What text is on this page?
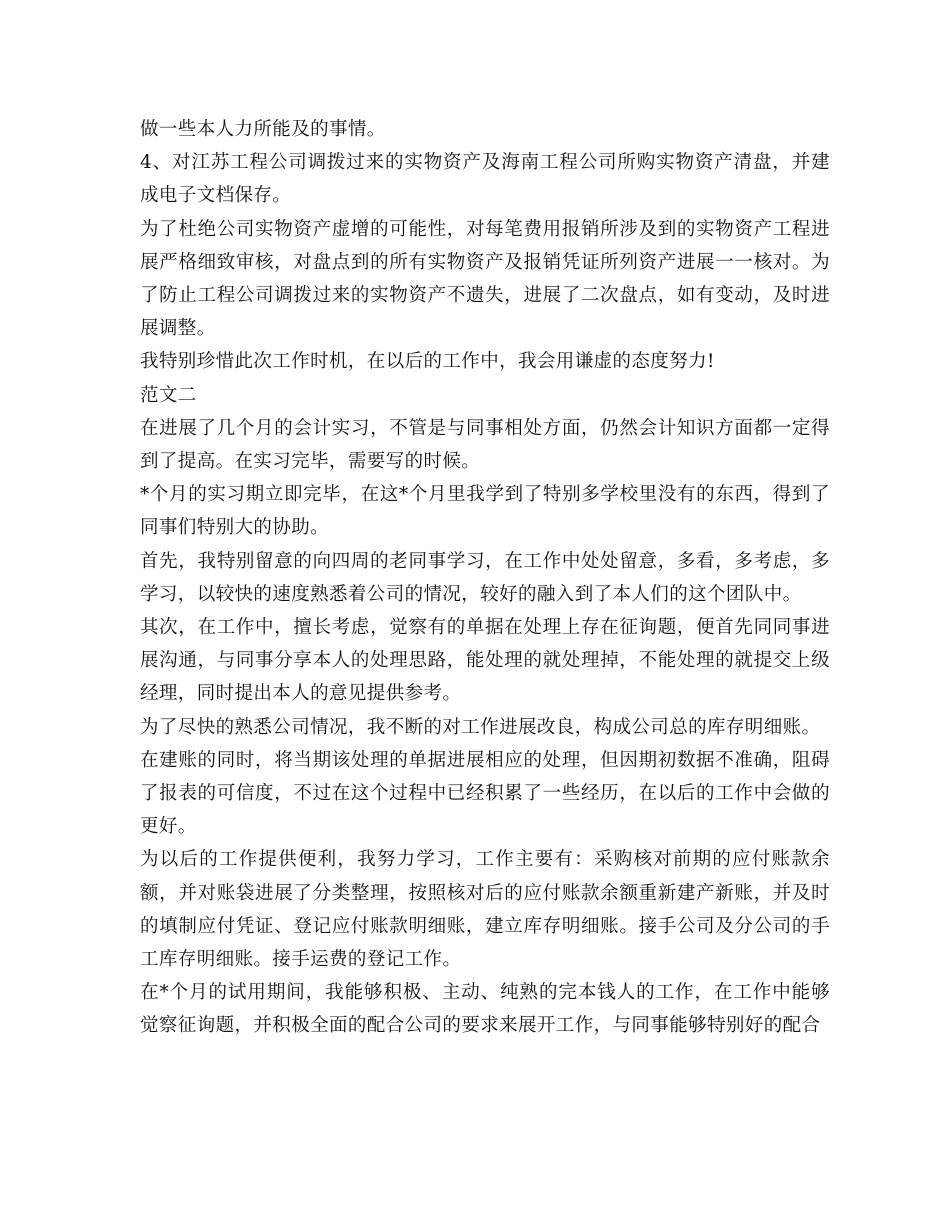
做一些本人力所能及的事情。

4、对江苏工程公司调拨过来的实物资产及海南工程公司所购实物资产清盘，并建成电子文档保存。

为了杜绝公司实物资产虚增的可能性，对每笔费用报销所涉及到的实物资产工程进展严格细致审核，对盘点到的所有实物资产及报销凭证所列资产进展一一核对。为了防止工程公司调拨过来的实物资产不遗失，进展了二次盘点，如有变动，及时进展调整。

我特别珍惜此次工作时机，在以后的工作中，我会用谦虚的态度努力!

范文二

在进展了几个月的会计实习，不管是与同事相处方面，仍然会计知识方面都一定得到了提高。在实习完毕，需要写的时候。

*个月的实习期立即完毕，在这*个月里我学到了特别多学校里没有的东西，得到了同事们特别大的协助。

首先，我特别留意的向四周的老同事学习，在工作中处处留意，多看，多考虑，多学习，以较快的速度熟悉着公司的情况，较好的融入到了本人们的这个团队中。

其次，在工作中，擅长考虑，觉察有的单据在处理上存在征询题，便首先同同事进展沟通，与同事分享本人的处理思路，能处理的就处理掉，不能处理的就提交上级经理，同时提出本人的意见提供参考。

为了尽快的熟悉公司情况，我不断的对工作进展改良，构成公司总的库存明细账。

在建账的同时，将当期该处理的单据进展相应的处理，但因期初数据不准确，阻碍了报表的可信度，不过在这个过程中已经积累了一些经历，在以后的工作中会做的更好。

为以后的工作提供便利，我努力学习，工作主要有：采购核对前期的应付账款余额，并对账袋进展了分类整理，按照核对后的应付账款余额重新建产新账，并及时的填制应付凭证、登记应付账款明细账，建立库存明细账。接手公司及分公司的手工库存明细账。接手运费的登记工作。

在*个月的试用期间，我能够积极、主动、纯熟的完本钱人的工作，在工作中能够觉察征询题，并积极全面的配合公司的要求来展开工作，与同事能够特别好的配合
